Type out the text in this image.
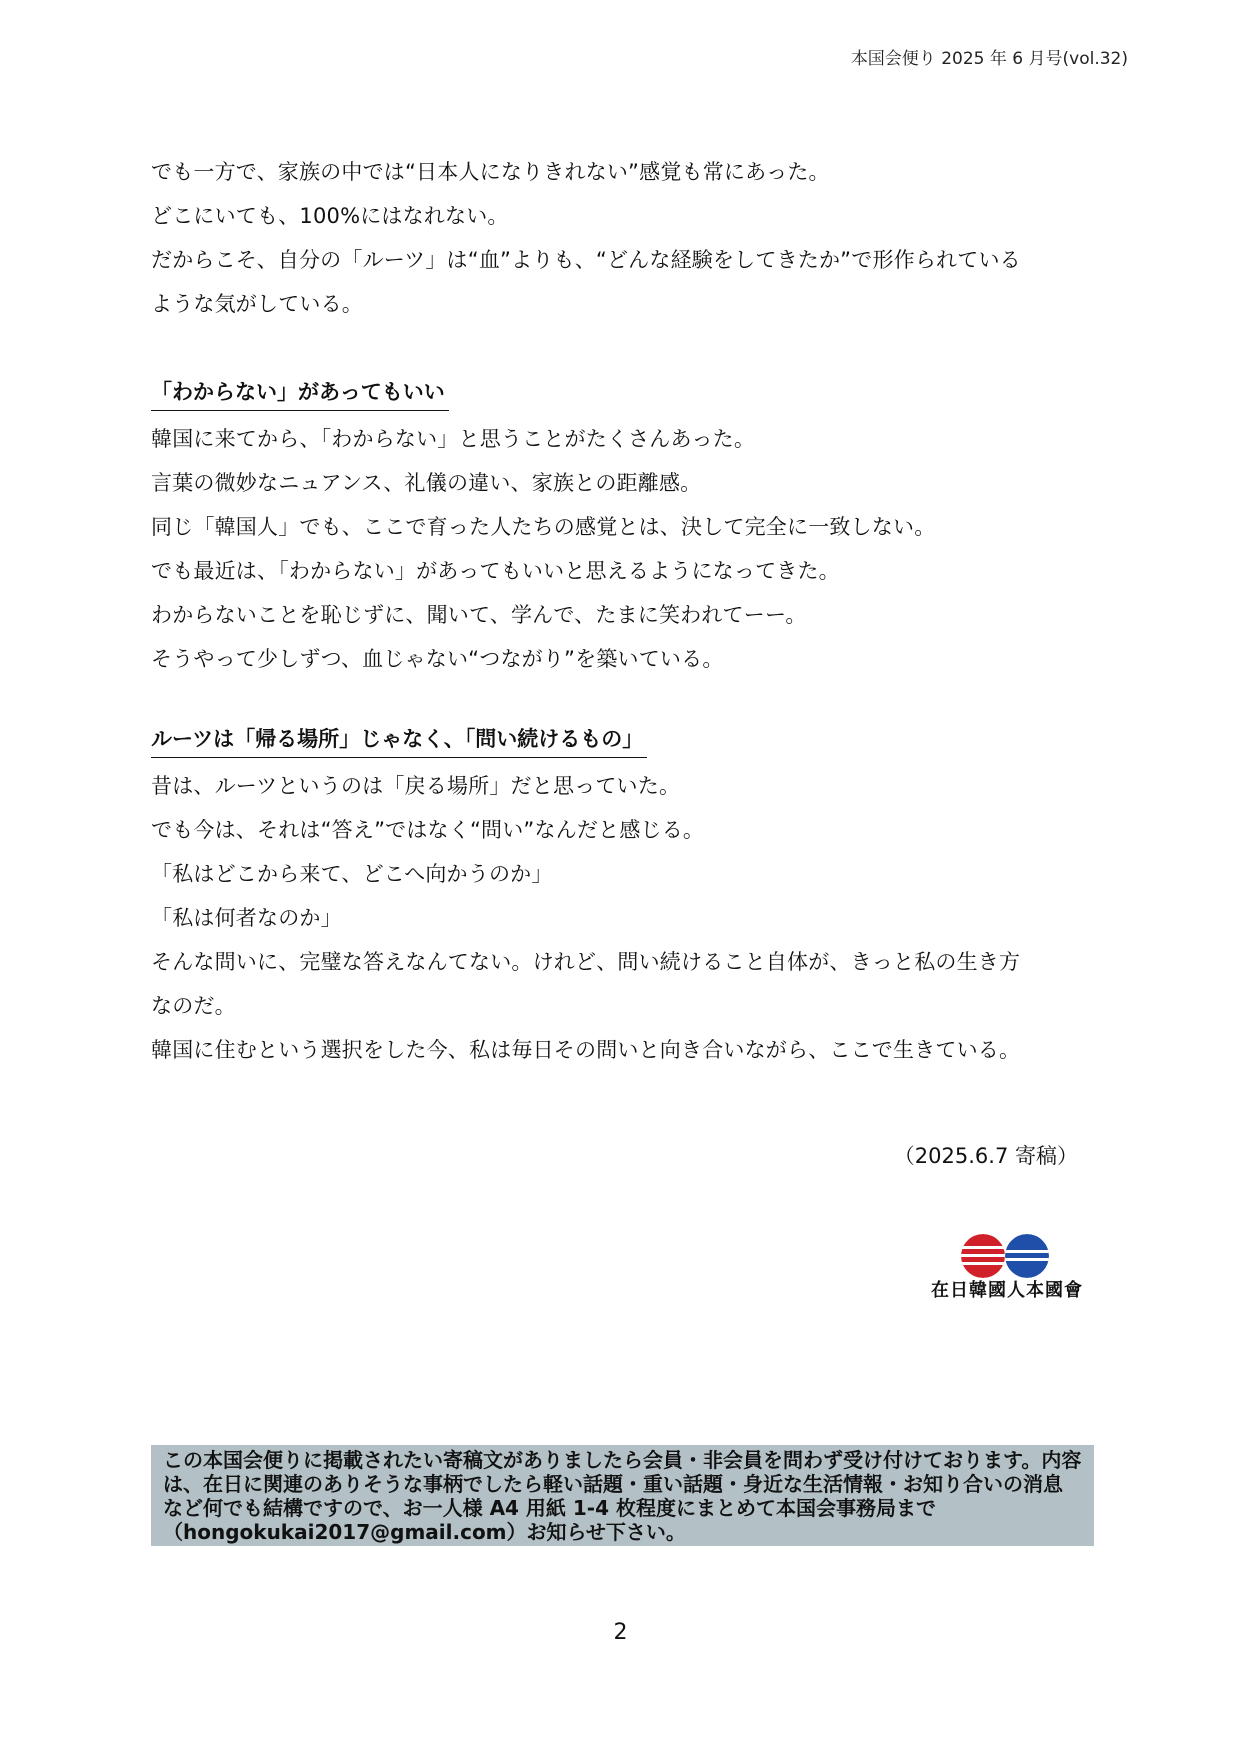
本国会便り 2025 年 6 月号(vol.32)

でも一方で、家族の中では“日本人になりきれない”感覚も常にあった。

どこにいても、100%にはなれない。

だからこそ、自分の「ルーツ」は“血”よりも、“どんな経験をしてきたか”で形作られている

ような気がしている。

「わからない」があってもいい

韓国に来てから、「わからない」と思うことがたくさんあった。

言葉の微妙なニュアンス、礼儀の違い、家族との距離感。

同じ「韓国人」でも、ここで育った人たちの感覚とは、決して完全に一致しない。

でも最近は、「わからない」があってもいいと思えるようになってきた。

わからないことを恥じずに、聞いて、学んで、たまに笑われてーー。

そうやって少しずつ、血じゃない“つながり”を築いている。

ルーツは「帰る場所」じゃなく、「問い続けるもの」

昔は、ルーツというのは「戻る場所」だと思っていた。

でも今は、それは“答え”ではなく“問い”なんだと感じる。

「私はどこから来て、どこへ向かうのか」

「私は何者なのか」

そんな問いに、完璧な答えなんてない。けれど、問い続けること自体が、きっと私の生き方

なのだ。

韓国に住むという選択をした今、私は毎日その問いと向き合いながら、ここで生きている。

（2025.6.7 寄稿）
在日韓國人本國會
この本国会便りに掲載されたい寄稿文がありましたら会員・非会員を問わず受け付けております。内容は、在日に関連のありそうな事柄でしたら軽い話題・重い話題・身近な生活情報・お知り合いの消息など何でも結構ですので、お一人様 A4 用紙 1-4 枚程度にまとめて本国会事務局まで（hongokukai2017@gmail.com）お知らせ下さい。
2
